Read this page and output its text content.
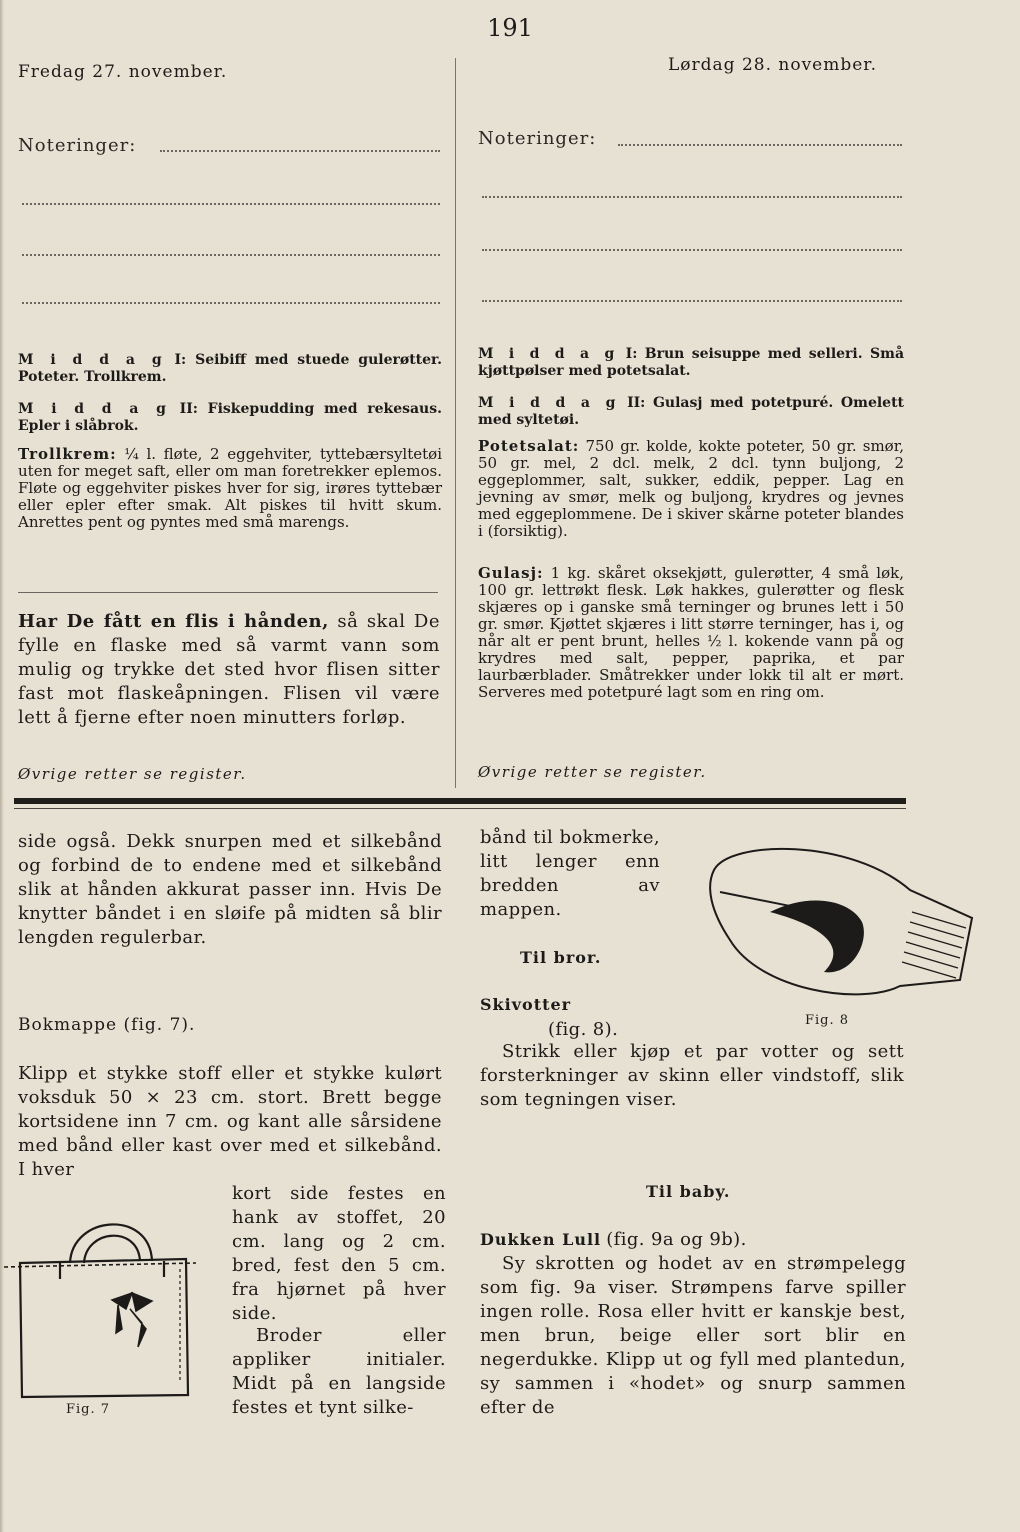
191
Fredag 27. november.
Noteringer:
M i d d a g I: Seibiff med stuede gulerøtter. Poteter. Trollkrem.
M i d d a g II: Fiskepudding med rekesaus. Epler i slåbrok.
Trollkrem: ¼ l. fløte, 2 eggehviter, tyttebærsyltetøi uten for meget saft, eller om man foretrekker eplemos. Fløte og eggehviter piskes hver for sig, irøres tyttebær eller epler efter smak. Alt piskes til hvitt skum. Anrettes pent og pyntes med små marengs.
Har De fått en flis i hånden, så skal De fylle en flaske med så varmt vann som mulig og trykke det sted hvor flisen sitter fast mot flaskeåpningen. Flisen vil være lett å fjerne efter noen minutters forløp.
Øvrige retter se register.
Lørdag 28. november.
Noteringer:
M i d d a g I: Brun seisuppe med selleri. Små kjøttpølser med potetsalat.
M i d d a g II: Gulasj med potetpuré. Omelett med syltetøi.
Potetsalat: 750 gr. kolde, kokte poteter, 50 gr. smør, 50 gr. mel, 2 dcl. melk, 2 dcl. tynn buljong, 2 eggeplommer, salt, sukker, eddik, pepper. Lag en jevning av smør, melk og buljong, krydres og jevnes med eggeplommene. De i skiver skårne poteter blandes i (forsiktig).
Gulasj: 1 kg. skåret oksekjøtt, gulerøtter, 4 små løk, 100 gr. lettrøkt flesk. Løk hakkes, gulerøtter og flesk skjæres op i ganske små terninger og brunes lett i 50 gr. smør. Kjøttet skjæres i litt større terninger, has i, og når alt er pent brunt, helles ½ l. kokende vann på og krydres med salt, pepper, paprika, et par laurbærblader. Småtrekker under lokk til alt er mørt. Serveres med potetpuré lagt som en ring om.
Øvrige retter se register.
side også. Dekk snurpen med et silkebånd og forbind de to endene med et silkebånd slik at hånden akkurat passer inn. Hvis De knytter båndet i en sløife på midten så blir lengden regulerbar.
Bokmappe (fig. 7).
Klipp et stykke stoff eller et stykke kulørt voksduk 50 × 23 cm. stort. Brett begge kortsidene inn 7 cm. og kant alle sårsidene med bånd eller kast over med et silkebånd. I hver
kort side festes en hank av stoffet, 20 cm. lang og 2 cm. bred, fest den 5 cm. fra hjørnet på hver side.
Broder eller appliker initialer. Midt på en langside festes et tynt silke-
Fig. 7
bånd til bokmerke, litt lenger enn bredden av mappen.
Til bror.
Skivotter
(fig. 8).
Strikk eller kjøp et par votter og sett forsterkninger av skinn eller vindstoff, slik som tegningen viser.
Fig. 8
Til baby.
Dukken Lull (fig. 9a og 9b).
Sy skrotten og hodet av en strømpelegg som fig. 9a viser. Strømpens farve spiller ingen rolle. Rosa eller hvitt er kanskje best, men brun, beige eller sort blir en negerdukke. Klipp ut og fyll med plantedun, sy sammen i «hodet» og snurp sammen efter de
